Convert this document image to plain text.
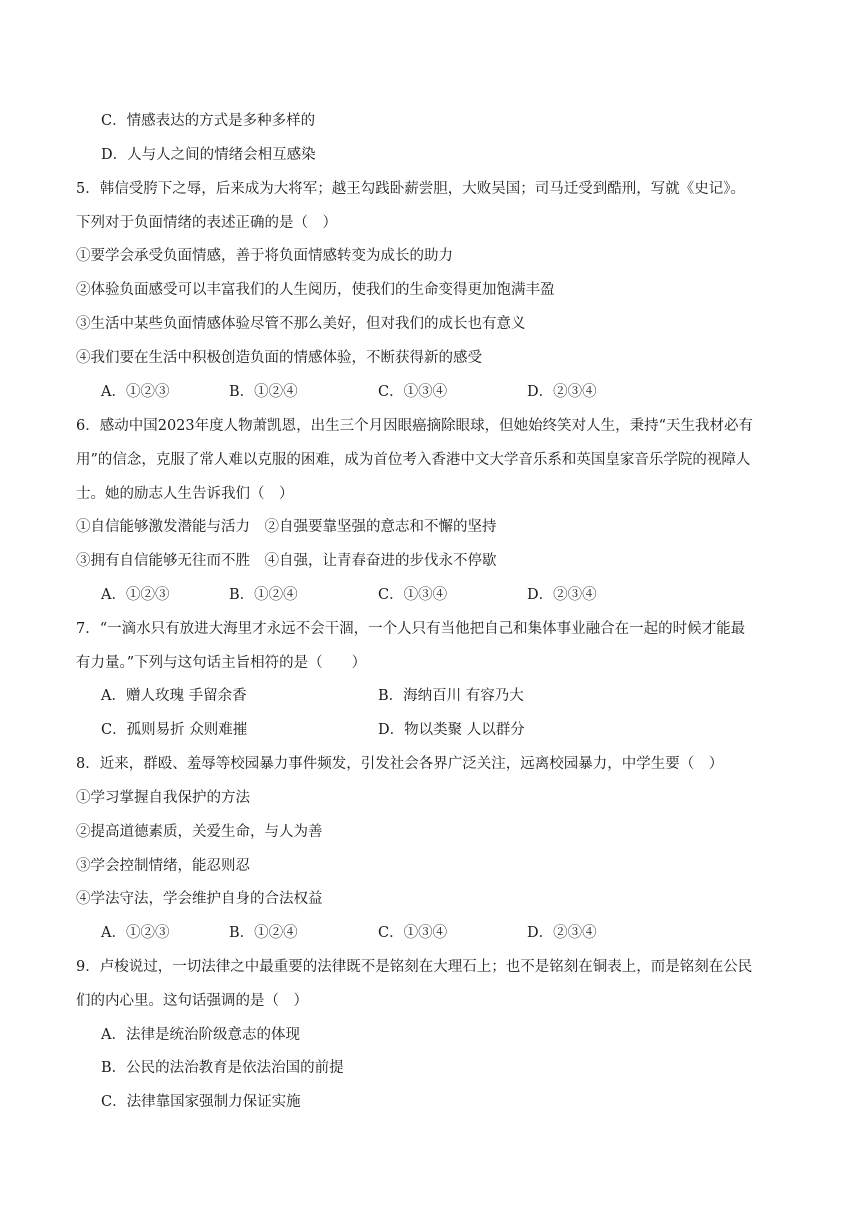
C．情感表达的方式是多种多样的
D．人与人之间的情绪会相互感染
5．韩信受胯下之辱，后来成为大将军；越王勾践卧薪尝胆，大败吴国；司马迁受到酷刑，写就《史记》。
下列对于负面情绪的表述正确的是（　）
①要学会承受负面情感，善于将负面情感转变为成长的助力
②体验负面感受可以丰富我们的人生阅历，使我们的生命变得更加饱满丰盈
③生活中某些负面情感体验尽管不那么美好，但对我们的成长也有意义
④我们要在生活中积极创造负面的情感体验，不断获得新的感受
A．①②③	B．①②④	C．①③④	D．②③④
6．感动中国2023年度人物萧凯恩，出生三个月因眼癌摘除眼球，但她始终笑对人生，秉持“天生我材必有
用”的信念，克服了常人难以克服的困难，成为首位考入香港中文大学音乐系和英国皇家音乐学院的视障人
士。她的励志人生告诉我们（　）
①自信能够激发潜能与活力　②自强要靠坚强的意志和不懈的坚持
③拥有自信能够无往而不胜　④自强，让青春奋进的步伐永不停歇
A．①②③	B．①②④	C．①③④	D．②③④
7．“一滴水只有放进大海里才永远不会干涸，一个人只有当他把自己和集体事业融合在一起的时候才能最
有力量。”下列与这句话主旨相符的是（　　）
A．赠人玫瑰 手留余香	B．海纳百川 有容乃大
C．孤则易折 众则难摧	D．物以类聚 人以群分
8．近来，群殴、羞辱等校园暴力事件频发，引发社会各界广泛关注，远离校园暴力，中学生要（　）
①学习掌握自我保护的方法
②提高道德素质，关爱生命，与人为善
③学会控制情绪，能忍则忍
④学法守法，学会维护自身的合法权益
A．①②③	B．①②④	C．①③④	D．②③④
9．卢梭说过，一切法律之中最重要的法律既不是铭刻在大理石上；也不是铭刻在铜表上，而是铭刻在公民
们的内心里。这句话强调的是（　）
A．法律是统治阶级意志的体现
B．公民的法治教育是依法治国的前提
C．法律靠国家强制力保证实施
